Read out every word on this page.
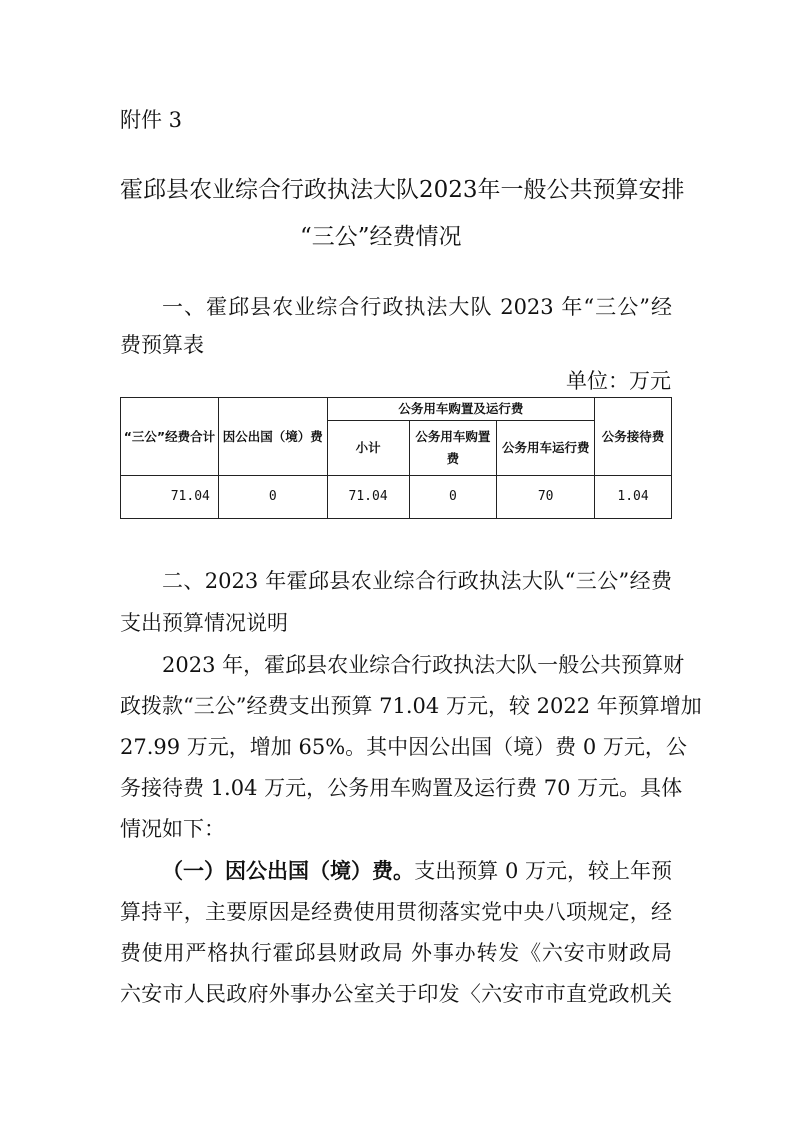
附件 3
霍邱县农业综合行政执法大队2023年一般公共预算安排
“三公”经费情况
一、霍邱县农业综合行政执法大队 2023 年“三公”经
费预算表
单位：万元
“三公”经费合计	因公出国（境）费	公务用车购置及运行费			公务接待费
		小计	公务用车购置费	公务用车运行费	
71.04	0	71.04	0	70	1.04
二、2023 年霍邱县农业综合行政执法大队“三公”经费
支出预算情况说明
2023 年，霍邱县农业综合行政执法大队一般公共预算财
政拨款“三公”经费支出预算 71.04 万元，较 2022 年预算增加
27.99 万元，增加 65%。其中因公出国（境）费 0 万元，公
务接待费 1.04 万元，公务用车购置及运行费 70 万元。具体
情况如下：
（一）因公出国（境）费。 支出预算 0 万元，较上年预
算持平，主要原因是经费使用贯彻落实党中央八项规定，经
费使用严格执行霍邱县财政局 外事办转发《六安市财政局
六安市人民政府外事办公室关于印发〈六安市市直党政机关
